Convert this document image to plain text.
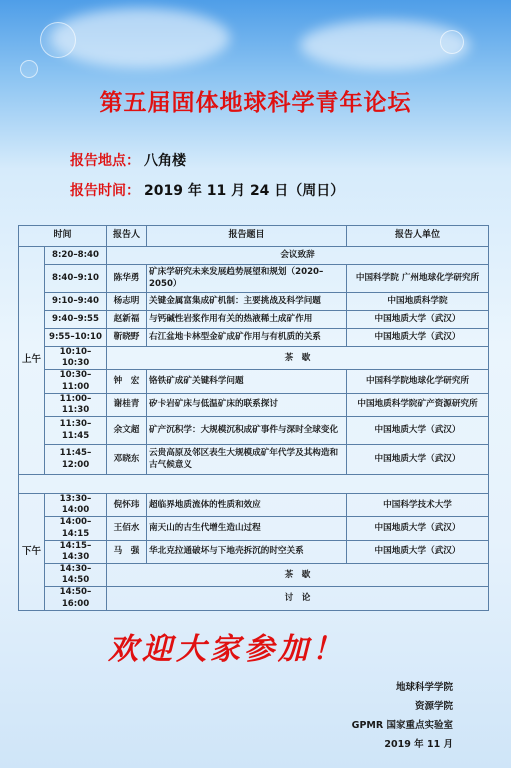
第五届固体地球科学青年论坛
报告地点： 八角楼
报告时间： 2019 年 11 月 24 日（周日）
时间		报告人	报告题目	报告人单位
上午	8:20–8:40	会议致辞		
	8:40–9:10	陈华勇	矿床学研究未来发展趋势展望和规划（2020–2050）	中国科学院 广州地球化学研究所
	9:10–9:40	杨志明	关键金属富集成矿机制：主要挑战及科学问题	中国地质科学院
	9:40–9:55	赵新福	与钙碱性岩浆作用有关的热液稀土成矿作用	中国地质大学（武汉）
	9:55–10:10	靳晓野	右江盆地卡林型金矿成矿作用与有机质的关系	中国地质大学（武汉）
	10:10–10:30	茶　歇		
	10:30–11:00	钟　宏	铬铁矿成矿关键科学问题	中国科学院地球化学研究所
	11:00–11:30	谢桂青	矽卡岩矿床与低温矿床的联系探讨	中国地质科学院矿产资源研究所
	11:30–11:45	余文超	矿产沉积学：大规模沉积成矿事件与深时全球变化	中国地质大学（武汉）
	11:45–12:00	邓晓东	云贵高原及邻区表生大规模成矿年代学及其构造和古气候意义	中国地质大学（武汉）

下午	13:30–14:00	倪怀玮	超临界地质流体的性质和效应	中国科学技术大学
	14:00–14:15	王佰水	南天山的古生代增生造山过程	中国地质大学（武汉）
	14:15–14:30	马　强	华北克拉通破坏与下地壳拆沉的时空关系	中国地质大学（武汉）
	14:30–14:50	茶　歇		
	14:50–16:00	讨　论		
欢迎大家参加！
地球科学学院
资源学院
GPMR 国家重点实验室
2019 年 11 月
